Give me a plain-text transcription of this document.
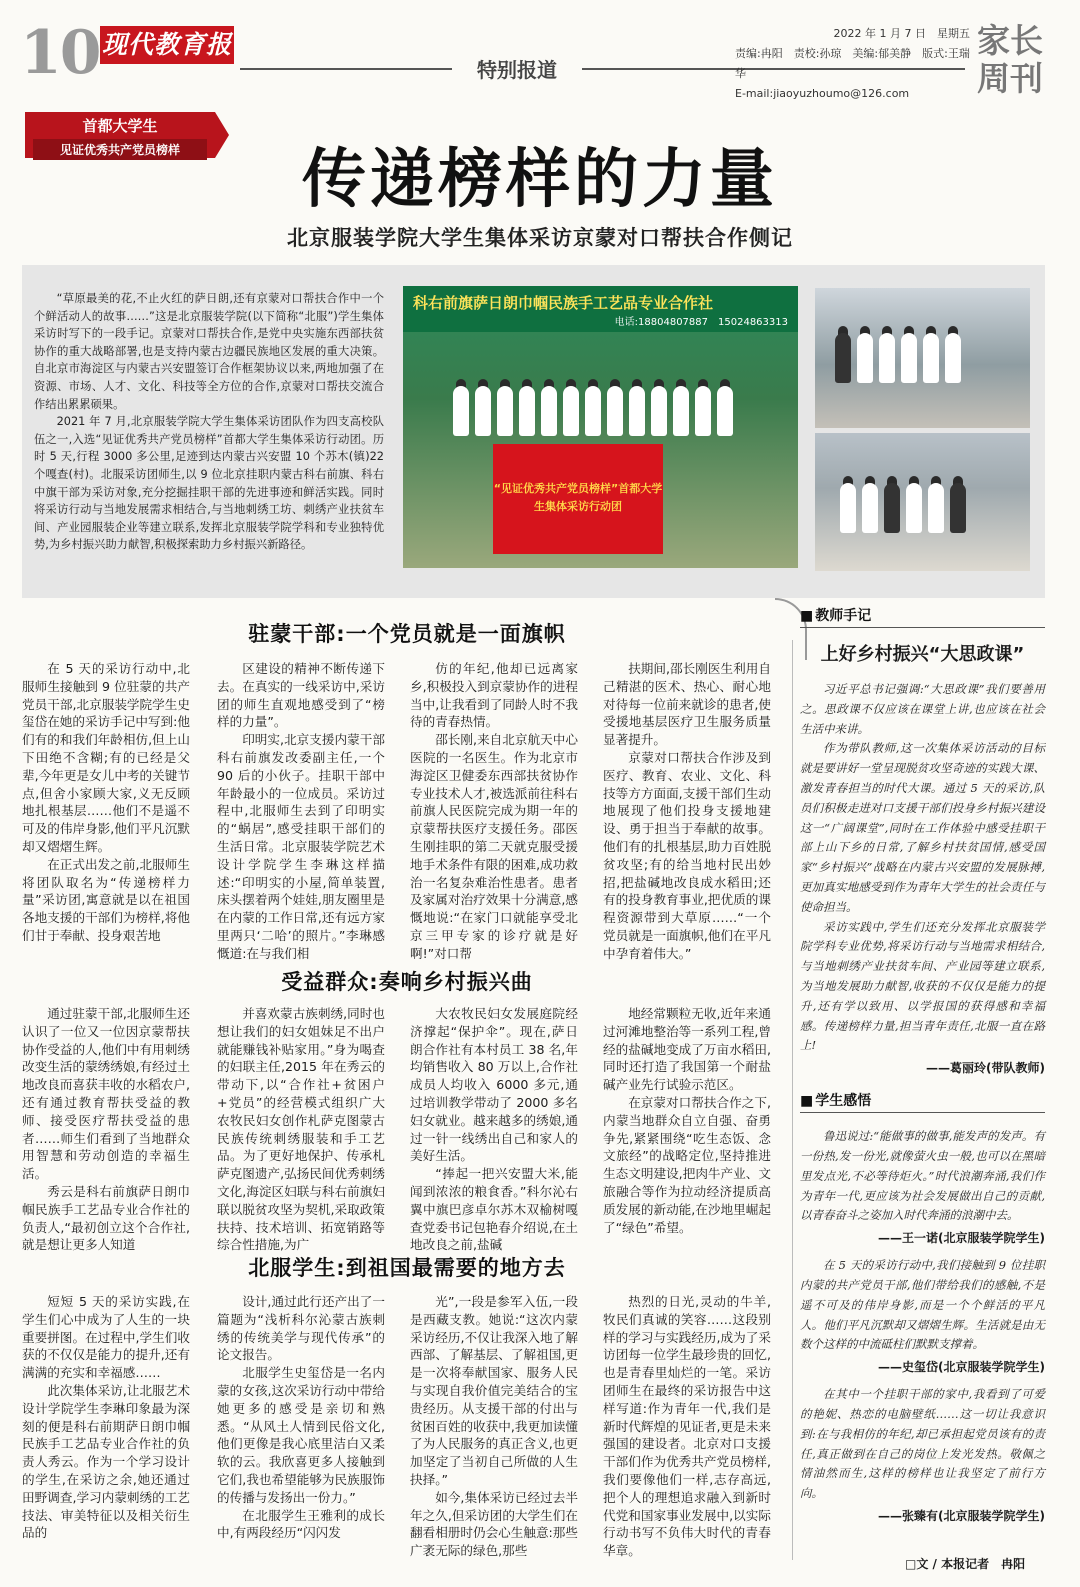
10 现代教育报
特别报道
2022 年 1 月 7 日　星期五
责编:冉阳　责校:孙琼　美编:郁美静　版式:王瑞华
E-mail:jiaoyuzhoumo@126.com
家长周刊
首都大学生
见证优秀共产党员榜样	传递榜样的力量
北京服装学院大学生集体采访京蒙对口帮扶合作侧记

“草原最美的花,不止火红的萨日朗,还有京蒙对口帮扶合作中一个个鲜活动人的故事……”这是北京服装学院(以下简称“北服”)学生集体采访时写下的一段手记。京蒙对口帮扶合作,是党中央实施东西部扶贫协作的重大战略部署,也是支持内蒙古边疆民族地区发展的重大决策。自北京市海淀区与内蒙古兴安盟签订合作框架协议以来,两地加强了在资源、市场、人才、文化、科技等全方位的合作,京蒙对口帮扶交流合作结出累累硕果。

2021 年 7 月,北京服装学院大学生集体采访团队作为四支高校队伍之一,入选“见证优秀共产党员榜样”首都大学生集体采访行动团。历时 5 天,行程 3000 多公里,足迹到达内蒙古兴安盟 10 个苏木(镇)22 个嘎查(村)。北服采访团师生,以 9 位北京挂职内蒙古科右前旗、科右中旗干部为采访对象,充分挖掘挂职干部的先进事迹和鲜活实践。同时将采访行动与当地发展需求相结合,与当地刺绣工坊、刺绣产业扶贫车间、产业园服装企业等建立联系,发挥北京服装学院学科和专业独特优势,为乡村振兴助力献智,积极探索助力乡村振兴新路径。

科右前旗萨日朗巾帼民族手工艺品专业合作社
电话:18804807887　15024863313
“见证优秀共产党员榜样”首都大学生集体采访行动团
驻蒙干部:一个党员就是一面旗帜

在 5 天的采访行动中,北服师生接触到 9 位驻蒙的共产党员干部,北京服装学院学生史玺岱在她的采访手记中写到:他们有的和我们年龄相仿,但上山下田绝不含糊;有的已经是父辈,今年更是女儿中考的关键节点,但舍小家顾大家,义无反顾地扎根基层……他们不是遥不可及的伟岸身影,他们平凡沉默却又熠熠生辉。

在正式出发之前,北服师生将团队取名为“传递榜样力量”采访团,寓意就是以在祖国各地支援的干部们为榜样,将他们甘于奉献、投身艰苦地

区建设的精神不断传递下去。在真实的一线采访中,采访团的师生直观地感受到了“榜样的力量”。

印明实,北京支援内蒙干部科右前旗发改委副主任,一个 90 后的小伙子。挂职干部中年龄最小的一位成员。采访过程中,北服师生去到了印明实的“蜗居”,感受挂职干部们的生活日常。北京服装学院艺术设计学院学生李琳这样描述:“印明实的小屋,简单装置,床头摆着两个娃娃,朋友圈里是在内蒙的工作日常,还有远方家里两只‘二哈’的照片。”李琳感慨道:在与我们相

仿的年纪,他却已远离家乡,积极投入到京蒙协作的进程当中,让我看到了同龄人时不我待的青春热情。

邵长刚,来自北京航天中心医院的一名医生。作为北京市海淀区卫健委东西部扶贫协作专业技术人才,被选派前往科右前旗人民医院完成为期一年的京蒙帮扶医疗支援任务。邵医生刚挂职的第二天就克服受援地手术条件有限的困难,成功救治一名复杂难治性患者。患者及家属对治疗效果十分满意,感慨地说:“在家门口就能享受北京三甲专家的诊疗就是好啊!”对口帮

扶期间,邵长刚医生利用自己精湛的医术、热心、耐心地对待每一位前来就诊的患者,使受援地基层医疗卫生服务质量显著提升。

京蒙对口帮扶合作涉及到医疗、教育、农业、文化、科技等方方面面,支援干部们生动地展现了他们投身支援地建设、勇于担当于奉献的故事。他们有的扎根基层,助力百姓脱贫攻坚;有的给当地村民出妙招,把盐碱地改良成水稻田;还有的投身教育事业,把优质的课程资源带到大草原……“一个党员就是一面旗帜,他们在平凡中孕育着伟大。”

受益群众:奏响乡村振兴曲

通过驻蒙干部,北服师生还认识了一位又一位因京蒙帮扶协作受益的人,他们中有用刺绣改变生活的蒙绣绣娘,有经过土地改良而喜获丰收的水稻农户,还有通过教育帮扶受益的教师、接受医疗帮扶受益的患者……师生们看到了当地群众用智慧和劳动创造的幸福生活。

秀云是科右前旗萨日朗巾帼民族手工艺品专业合作社的负责人,“最初创立这个合作社,就是想让更多人知道

并喜欢蒙古族刺绣,同时也想让我们的妇女姐妹足不出户就能赚钱补贴家用。”身为喝查的妇联主任,2015 年在秀云的带动下,以“合作社+贫困户+党员”的经营模式组织广大农牧民妇女创作札萨克图蒙古民族传统刺绣服装和手工艺品。为了更好地保护、传承札萨克图遗产,弘扬民间优秀刺绣文化,海淀区妇联与科右前旗妇联以脱贫攻坚为契机,采取政策扶持、技术培训、拓宽销路等综合性措施,为广

大农牧民妇女发展庭院经济撑起“保护伞”。现在,萨日朗合作社有本村员工 38 名,年均销售收入 80 万以上,合作社成员人均收入 6000 多元,通过培训教学带动了 2000 多名妇女就业。越来越多的绣娘,通过一针一线绣出自己和家人的美好生活。

“捧起一把兴安盟大米,能闻到浓浓的粮食香。”科尔沁右翼中旗巴彦卓尔苏木双榆树嘎查党委书记包艳春介绍说,在土地改良之前,盐碱

地经常颗粒无收,近年来通过河滩地整治等一系列工程,曾经的盐碱地变成了万亩水稻田,同时还打造了我国第一个耐盐碱产业先行试验示范区。

在京蒙对口帮扶合作之下,内蒙当地群众自立自强、奋勇争先,紧紧围绕“吃生态饭、念文旅经”的战略定位,坚持推进生态文明建设,把肉牛产业、文旅融合等作为拉动经济提质高质发展的新动能,在沙地里崛起了“绿色”希望。

北服学生:到祖国最需要的地方去

短短 5 天的采访实践,在学生们心中成为了人生的一块重要拼图。在过程中,学生们收获的不仅仅是能力的提升,还有满满的充实和幸福感……

此次集体采访,让北服艺术设计学院学生李琳印象最为深刻的便是科右前期萨日朗巾帼民族手工艺品专业合作社的负责人秀云。作为一个学习设计的学生,在采访之余,她还通过田野调查,学习内蒙刺绣的工艺技法、审美特征以及相关衍生品的

设计,通过此行还产出了一篇题为“浅析科尔沁蒙古族刺绣的传统美学与现代传承”的论文报告。

北服学生史玺岱是一名内蒙的女孩,这次采访行动中带给她更多的感受是亲切和熟悉。“从风土人情到民俗文化,他们更像是我心底里洁白又柔软的云。我欣喜更多人接触到它们,我也希望能够为民族服饰的传播与发扬出一份力。”

在北服学生王雅利的成长中,有两段经历“闪闪发

光”,一段是参军入伍,一段是西藏支教。她说:“这次内蒙采访经历,不仅让我深入地了解西部、了解基层、了解祖国,更是一次将奉献国家、服务人民与实现自我价值完美结合的宝贵经历。从支援干部的付出与贫困百姓的收获中,我更加读懂了为人民服务的真正含义,也更加坚定了当初自己所做的人生抉择。”

如今,集体采访已经过去半年之久,但采访团的大学生们在翻看相册时仍会心生触意:那些广袤无际的绿色,那些

热烈的日光,灵动的牛羊,牧民们真诚的笑容……这段别样的学习与实践经历,成为了采访团每一位学生最珍贵的回忆,也是青春里灿烂的一笔。采访团师生在最终的采访报告中这样写道:作为青年一代,我们是新时代辉煌的见证者,更是未来强国的建设者。北京对口支援干部们作为优秀共产党员榜样,我们要像他们一样,志存高远,把个人的理想追求融入到新时代党和国家事业发展中,以实际行动书写不负伟大时代的青春华章。

■ 教师手记
上好乡村振兴“大思政课”

习近平总书记强调:“大思政课”我们要善用之。思政课不仅应该在课堂上讲,也应该在社会生活中来讲。

作为带队教师,这一次集体采访活动的目标就是要讲好一堂呈现脱贫攻坚奇迹的实践大课、激发青春担当的时代大课。通过 5 天的采访,队员们积极走进对口支援干部们投身乡村振兴建设这一“广阔课堂”,同时在工作体验中感受挂职干部上山下乡的日常,了解乡村扶贫国情,感受国家“乡村振兴”战略在内蒙古兴安盟的发展脉搏,更加真实地感受到作为青年大学生的社会责任与使命担当。

采访实践中,学生们还充分发挥北京服装学院学科专业优势,将采访行动与当地需求相结合,与当地刺绣产业扶贫车间、产业园等建立联系,为当地发展助力献智,收获的不仅仅是能力的提升,还有学以致用、以学报国的获得感和幸福感。传递榜样力量,担当青年责任,北服一直在路上!

——葛丽玲(带队教师)
■ 学生感悟

鲁迅说过:“能做事的做事,能发声的发声。有一份热,发一份光,就像萤火虫一般,也可以在黑暗里发点光,不必等待炬火。”时代浪潮奔涌,我们作为青年一代,更应该为社会发展做出自己的贡献,以青春奋斗之姿加入时代奔涌的浪潮中去。

——王一诺(北京服装学院学生)

在 5 天的采访行动中,我们接触到 9 位挂职内蒙的共产党员干部,他们带给我们的感触,不是遥不可及的伟岸身影,而是一个个鲜活的平凡人。他们平凡沉默却又熠熠生辉。生活就是由无数个这样的中流砥柱们默默支撑着。

——史玺岱(北京服装学院学生)

在其中一个挂职干部的家中,我看到了可爱的艳妮、热恋的电脑壁纸……这一切让我意识到:在与我相仿的年纪,却已承担起党员该有的责任,真正做到在自己的岗位上发光发热。敬佩之情油然而生,这样的榜样也让我坚定了前行方向。

——张臻有(北京服装学院学生)
□文 / 本报记者　冉阳
